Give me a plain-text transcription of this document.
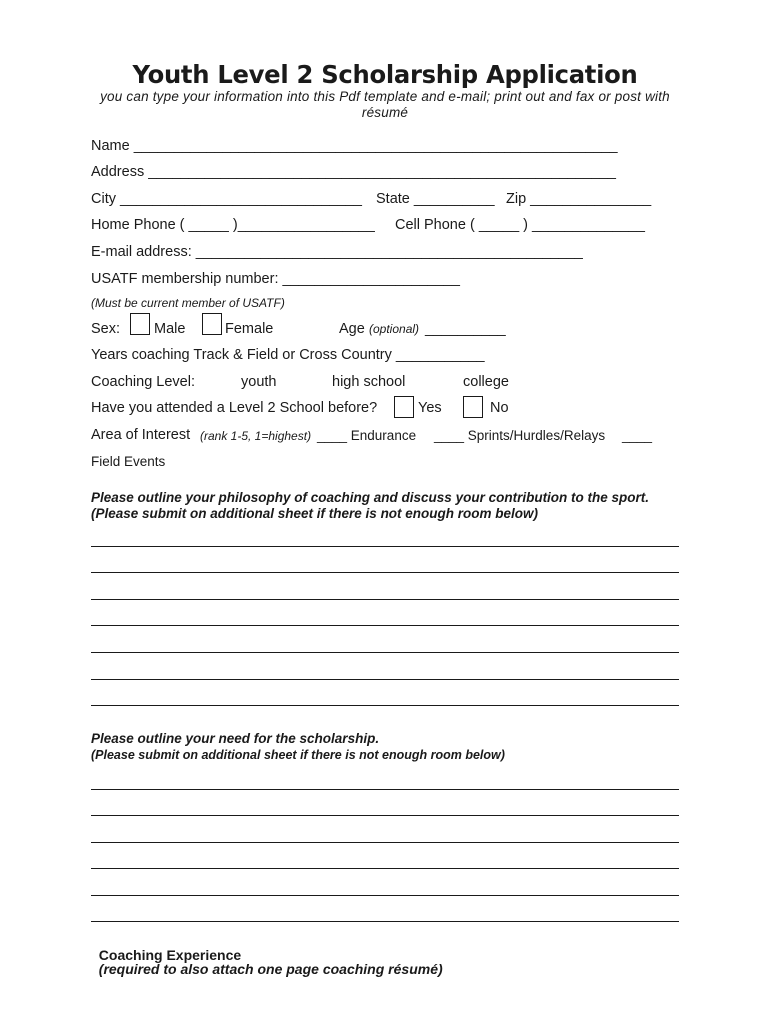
Youth Level 2 Scholarship Application
you can type your information into this Pdf template and e-mail; print out and fax or post with résumé
Name ____________________________________________________________
Address __________________________________________________________
City ______________________________ State __________ Zip _______________
Home Phone ( _____ )_________________ Cell Phone ( _____ ) ______________
E-mail address: ________________________________________________
USATF membership number: ______________________
(Must be current member of USATF)
Sex: Male	Female	Age (optional) __________
Years coaching Track & Field or Cross Country ___________
Coaching Level:	youth	high school	college
Have you attended a Level 2 School before?	Yes	No
Area of Interest (rank 1-5, 1=highest) ____ Endurance ____ Sprints/Hurdles/Relays ____
Field Events
Please outline your philosophy of coaching and discuss your contribution to the sport.
(Please submit on additional sheet if there is not enough room below)
Please outline your need for the scholarship.
(Please submit on additional sheet if there is not enough room below)

Coaching Experience
(required to also attach one page coaching résumé)
